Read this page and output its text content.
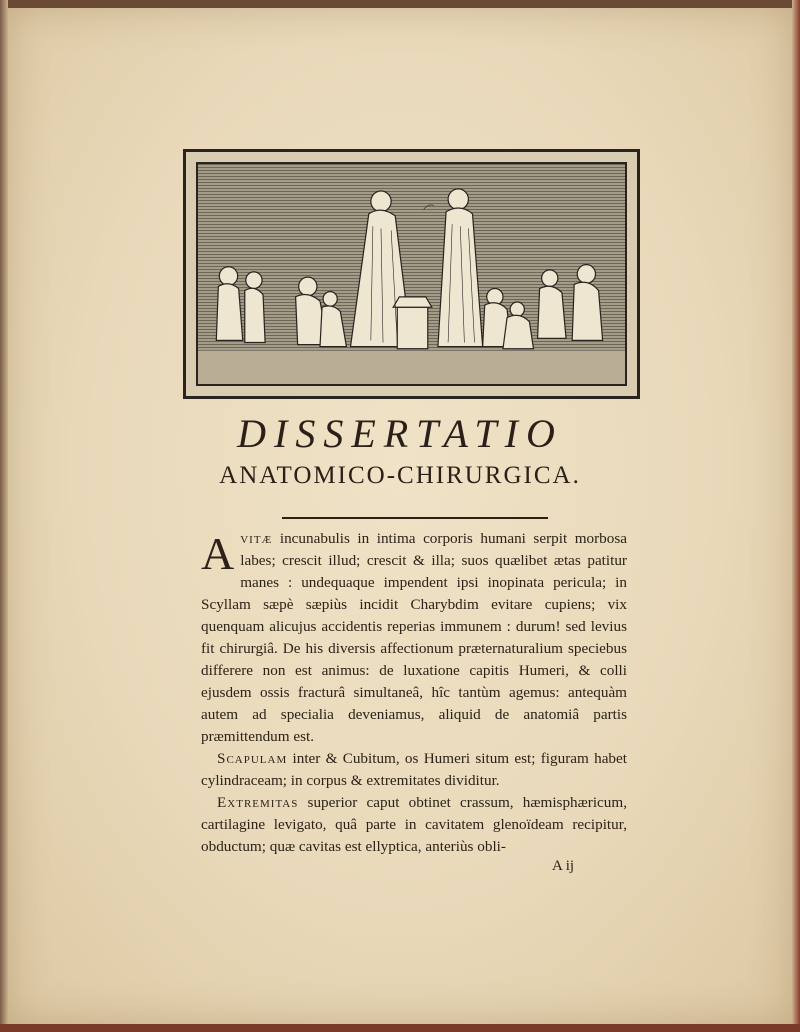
DISSERTATIO
ANATOMICO-CHIRURGICA.

Avitæ incunabulis in intima corporis humani serpit morbosa labes; crescit illud; crescit & illa; suos quælibet ætas patitur manes : undequaque impendent ipsi inopinata pericula; in Scyllam sæpè sæpiùs incidit Charybdim evitare cupiens; vix quenquam alicujus accidentis reperias immunem : durum! sed levius fit chirurgiâ. De his diversis affectionum præternaturalium speciebus differere non est animus: de luxatione capitis Humeri, & colli ejusdem ossis fracturâ simultaneâ, hîc tantùm agemus: antequàm autem ad specialia deveniamus, aliquid de anatomiâ partis præmittendum est.

Scapulam inter & Cubitum, os Humeri situm est; figuram habet cylindraceam; in corpus & extremitates dividitur.

Extremitas superior caput obtinet crassum, hæmisphæricum, cartilagine levigato, quâ parte in cavitatem glenoïdeam recipitur, obductum; quæ cavitas est ellyptica, anteriùs obli-

A ij
